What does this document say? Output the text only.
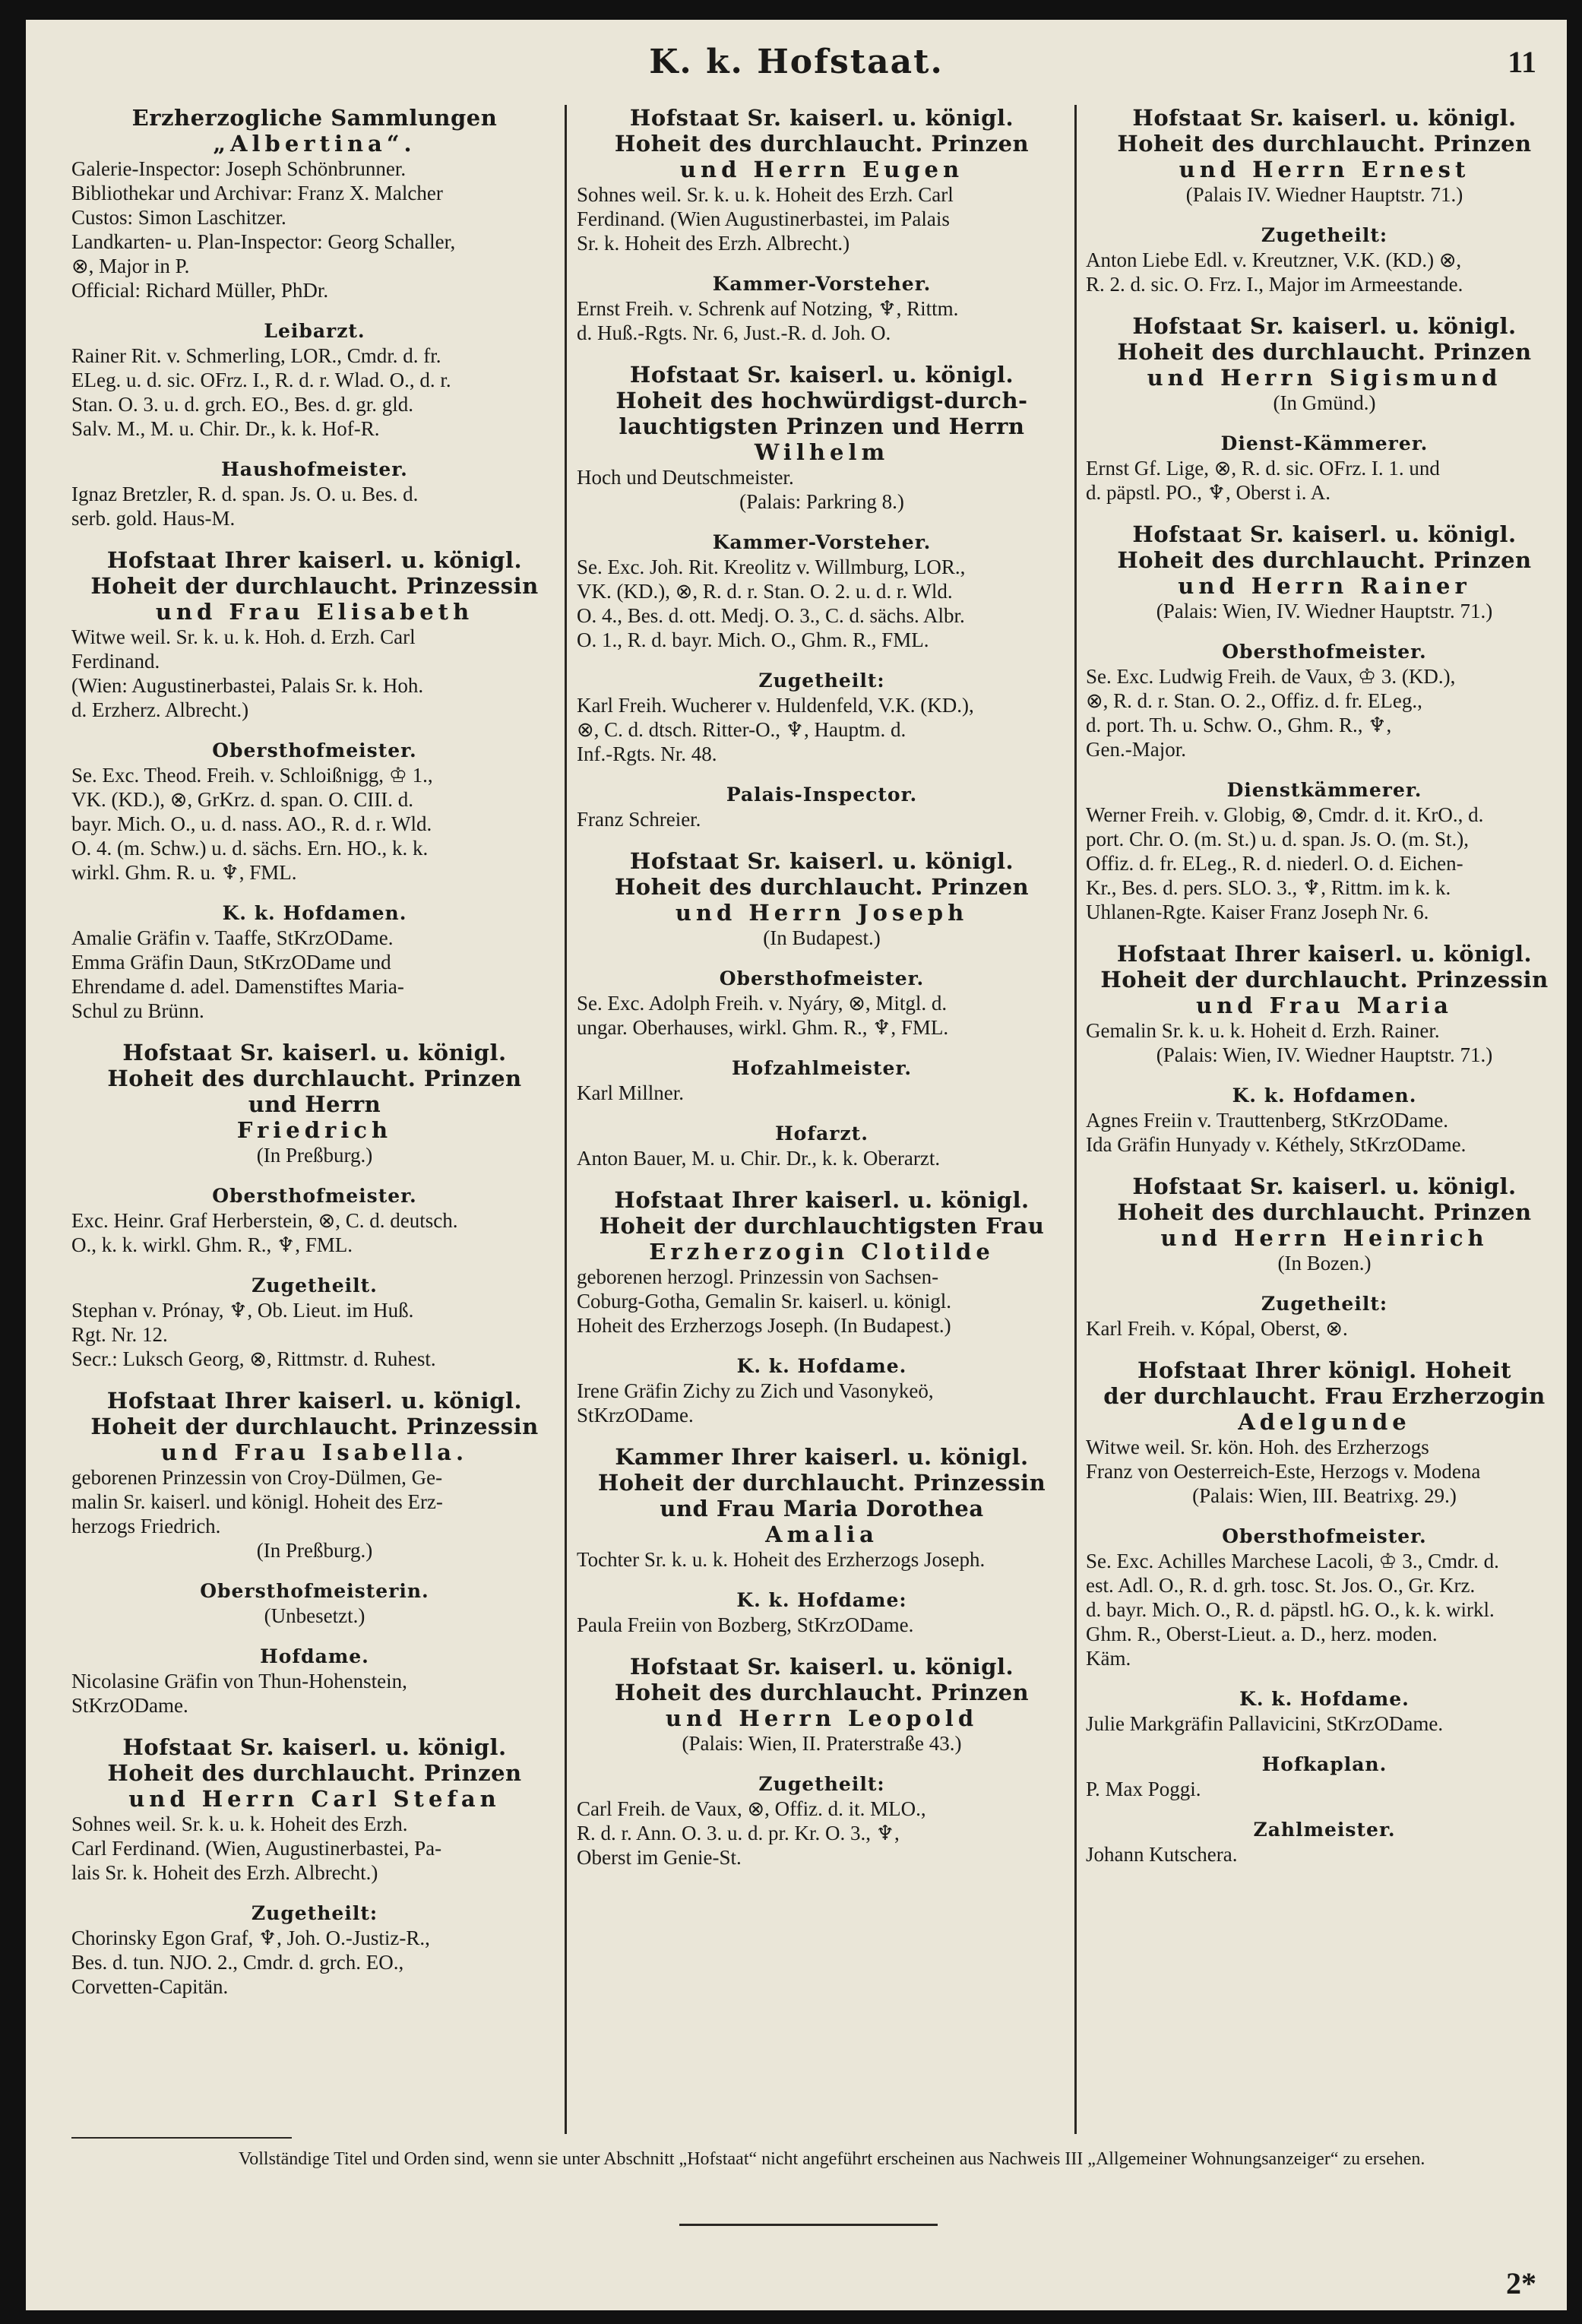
K. k. Hofstaat.	11
Erzherzogliche Sammlungen
„Albertina“.
Galerie-Inspector: Joseph Schönbrunner.
Bibliothekar und Archivar: Franz X. Malcher
Custos: Simon Laschitzer.
Landkarten- u. Plan-Inspector: Georg Schaller,
⊗, Major in P.
Official: Richard Müller, PhDr.
Leibarzt.
Rainer Rit. v. Schmerling, LOR., Cmdr. d. fr.
ELeg. u. d. sic. OFrz. I., R. d. r. Wlad. O., d. r.
Stan. O. 3. u. d. grch. EO., Bes. d. gr. gld.
Salv. M., M. u. Chir. Dr., k. k. Hof-R.
Haushofmeister.
Ignaz Bretzler, R. d. span. Js. O. u. Bes. d.
serb. gold. Haus-M.
Hofstaat Ihrer kaiserl. u. königl.
Hoheit der durchlaucht. Prinzessin
und Frau Elisabeth
Witwe weil. Sr. k. u. k. Hoh. d. Erzh. Carl
Ferdinand.
(Wien: Augustinerbastei, Palais Sr. k. Hoh.
d. Erzherz. Albrecht.)
Obersthofmeister.
Se. Exc. Theod. Freih. v. Schloißnigg, ♔ 1.,
VK. (KD.), ⊗, GrKrz. d. span. O. CIII. d.
bayr. Mich. O., u. d. nass. AO., R. d. r. Wld.
O. 4. (m. Schw.) u. d. sächs. Ern. HO., k. k.
wirkl. Ghm. R. u. ♆, FML.
K. k. Hofdamen.
Amalie Gräfin v. Taaffe, StKrzODame.
Emma Gräfin Daun, StKrzODame und
Ehrendame d. adel. Damenstiftes Maria-
Schul zu Brünn.
Hofstaat Sr. kaiserl. u. königl.
Hoheit des durchlaucht. Prinzen
und Herrn
Friedrich
(In Preßburg.)
Obersthofmeister.
Exc. Heinr. Graf Herberstein, ⊗, C. d. deutsch.
O., k. k. wirkl. Ghm. R., ♆, FML.
Zugetheilt.
Stephan v. Prónay, ♆, Ob. Lieut. im Huß.
Rgt. Nr. 12.
Secr.: Luksch Georg, ⊗, Rittmstr. d. Ruhest.
Hofstaat Ihrer kaiserl. u. königl.
Hoheit der durchlaucht. Prinzessin
und Frau Isabella.
geborenen Prinzessin von Croy-Dülmen, Ge-
malin Sr. kaiserl. und königl. Hoheit des Erz-
herzogs Friedrich.
(In Preßburg.)
Obersthofmeisterin.
(Unbesetzt.)
Hofdame.
Nicolasine Gräfin von Thun-Hohenstein,
StKrzODame.
Hofstaat Sr. kaiserl. u. königl.
Hoheit des durchlaucht. Prinzen
und Herrn Carl Stefan
Sohnes weil. Sr. k. u. k. Hoheit des Erzh.
Carl Ferdinand. (Wien, Augustinerbastei, Pa-
lais Sr. k. Hoheit des Erzh. Albrecht.)
Zugetheilt:
Chorinsky Egon Graf, ♆, Joh. O.-Justiz-R.,
Bes. d. tun. NJO. 2., Cmdr. d. grch. EO.,
Corvetten-Capitän.
Hofstaat Sr. kaiserl. u. königl.
Hoheit des durchlaucht. Prinzen
und Herrn Eugen
Sohnes weil. Sr. k. u. k. Hoheit des Erzh. Carl
Ferdinand. (Wien Augustinerbastei, im Palais
Sr. k. Hoheit des Erzh. Albrecht.)
Kammer-Vorsteher.
Ernst Freih. v. Schrenk auf Notzing, ♆, Rittm.
d. Huß.-Rgts. Nr. 6, Just.-R. d. Joh. O.
Hofstaat Sr. kaiserl. u. königl.
Hoheit des hochwürdigst-durch-
lauchtigsten Prinzen und Herrn
Wilhelm
Hoch und Deutschmeister.
(Palais: Parkring 8.)
Kammer-Vorsteher.
Se. Exc. Joh. Rit. Kreolitz v. Willmburg, LOR.,
VK. (KD.), ⊗, R. d. r. Stan. O. 2. u. d. r. Wld.
O. 4., Bes. d. ott. Medj. O. 3., C. d. sächs. Albr.
O. 1., R. d. bayr. Mich. O., Ghm. R., FML.
Zugetheilt:
Karl Freih. Wucherer v. Huldenfeld, V.K. (KD.),
⊗, C. d. dtsch. Ritter-O., ♆, Hauptm. d.
Inf.-Rgts. Nr. 48.
Palais-Inspector.
Franz Schreier.
Hofstaat Sr. kaiserl. u. königl.
Hoheit des durchlaucht. Prinzen
und Herrn Joseph
(In Budapest.)
Obersthofmeister.
Se. Exc. Adolph Freih. v. Nyáry, ⊗, Mitgl. d.
ungar. Oberhauses, wirkl. Ghm. R., ♆, FML.
Hofzahlmeister.
Karl Millner.
Hofarzt.
Anton Bauer, M. u. Chir. Dr., k. k. Oberarzt.
Hofstaat Ihrer kaiserl. u. königl.
Hoheit der durchlauchtigsten Frau
Erzherzogin Clotilde
geborenen herzogl. Prinzessin von Sachsen-
Coburg-Gotha, Gemalin Sr. kaiserl. u. königl.
Hoheit des Erzherzogs Joseph. (In Budapest.)
K. k. Hofdame.
Irene Gräfin Zichy zu Zich und Vasonykeö,
StKrzODame.
Kammer Ihrer kaiserl. u. königl.
Hoheit der durchlaucht. Prinzessin
und Frau Maria Dorothea
Amalia
Tochter Sr. k. u. k. Hoheit des Erzherzogs Joseph.
K. k. Hofdame:
Paula Freiin von Bozberg, StKrzODame.
Hofstaat Sr. kaiserl. u. königl.
Hoheit des durchlaucht. Prinzen
und Herrn Leopold
(Palais: Wien, II. Praterstraße 43.)
Zugetheilt:
Carl Freih. de Vaux, ⊗, Offiz. d. it. MLO.,
R. d. r. Ann. O. 3. u. d. pr. Kr. O. 3., ♆,
Oberst im Genie-St.
Hofstaat Sr. kaiserl. u. königl.
Hoheit des durchlaucht. Prinzen
und Herrn Ernest
(Palais IV. Wiedner Hauptstr. 71.)
Zugetheilt:
Anton Liebe Edl. v. Kreutzner, V.K. (KD.) ⊗,
R. 2. d. sic. O. Frz. I., Major im Armeestande.
Hofstaat Sr. kaiserl. u. königl.
Hoheit des durchlaucht. Prinzen
und Herrn Sigismund
(In Gmünd.)
Dienst-Kämmerer.
Ernst Gf. Lige, ⊗, R. d. sic. OFrz. I. 1. und
d. päpstl. PO., ♆, Oberst i. A.
Hofstaat Sr. kaiserl. u. königl.
Hoheit des durchlaucht. Prinzen
und Herrn Rainer
(Palais: Wien, IV. Wiedner Hauptstr. 71.)
Obersthofmeister.
Se. Exc. Ludwig Freih. de Vaux, ♔ 3. (KD.),
⊗, R. d. r. Stan. O. 2., Offiz. d. fr. ELeg.,
d. port. Th. u. Schw. O., Ghm. R., ♆,
Gen.-Major.
Dienstkämmerer.
Werner Freih. v. Globig, ⊗, Cmdr. d. it. KrO., d.
port. Chr. O. (m. St.) u. d. span. Js. O. (m. St.),
Offiz. d. fr. ELeg., R. d. niederl. O. d. Eichen-
Kr., Bes. d. pers. SLO. 3., ♆, Rittm. im k. k.
Uhlanen-Rgte. Kaiser Franz Joseph Nr. 6.
Hofstaat Ihrer kaiserl. u. königl.
Hoheit der durchlaucht. Prinzessin
und Frau Maria
Gemalin Sr. k. u. k. Hoheit d. Erzh. Rainer.
(Palais: Wien, IV. Wiedner Hauptstr. 71.)
K. k. Hofdamen.
Agnes Freiin v. Trauttenberg, StKrzODame.
Ida Gräfin Hunyady v. Kéthely, StKrzODame.
Hofstaat Sr. kaiserl. u. königl.
Hoheit des durchlaucht. Prinzen
und Herrn Heinrich
(In Bozen.)
Zugetheilt:
Karl Freih. v. Kópal, Oberst, ⊗.
Hofstaat Ihrer königl. Hoheit
der durchlaucht. Frau Erzherzogin
Adelgunde
Witwe weil. Sr. kön. Hoh. des Erzherzogs
Franz von Oesterreich-Este, Herzogs v. Modena
(Palais: Wien, III. Beatrixg. 29.)
Obersthofmeister.
Se. Exc. Achilles Marchese Lacoli, ♔ 3., Cmdr. d.
est. Adl. O., R. d. grh. tosc. St. Jos. O., Gr. Krz.
d. bayr. Mich. O., R. d. päpstl. hG. O., k. k. wirkl.
Ghm. R., Oberst-Lieut. a. D., herz. moden.
Käm.
K. k. Hofdame.
Julie Markgräfin Pallavicini, StKrzODame.
Hofkaplan.
P. Max Poggi.
Zahlmeister.
Johann Kutschera.
Vollständige Titel und Orden sind, wenn sie unter Abschnitt „Hofstaat“ nicht angeführt erscheinen aus Nachweis III „Allgemeiner Wohnungsanzeiger“ zu ersehen.
2*
